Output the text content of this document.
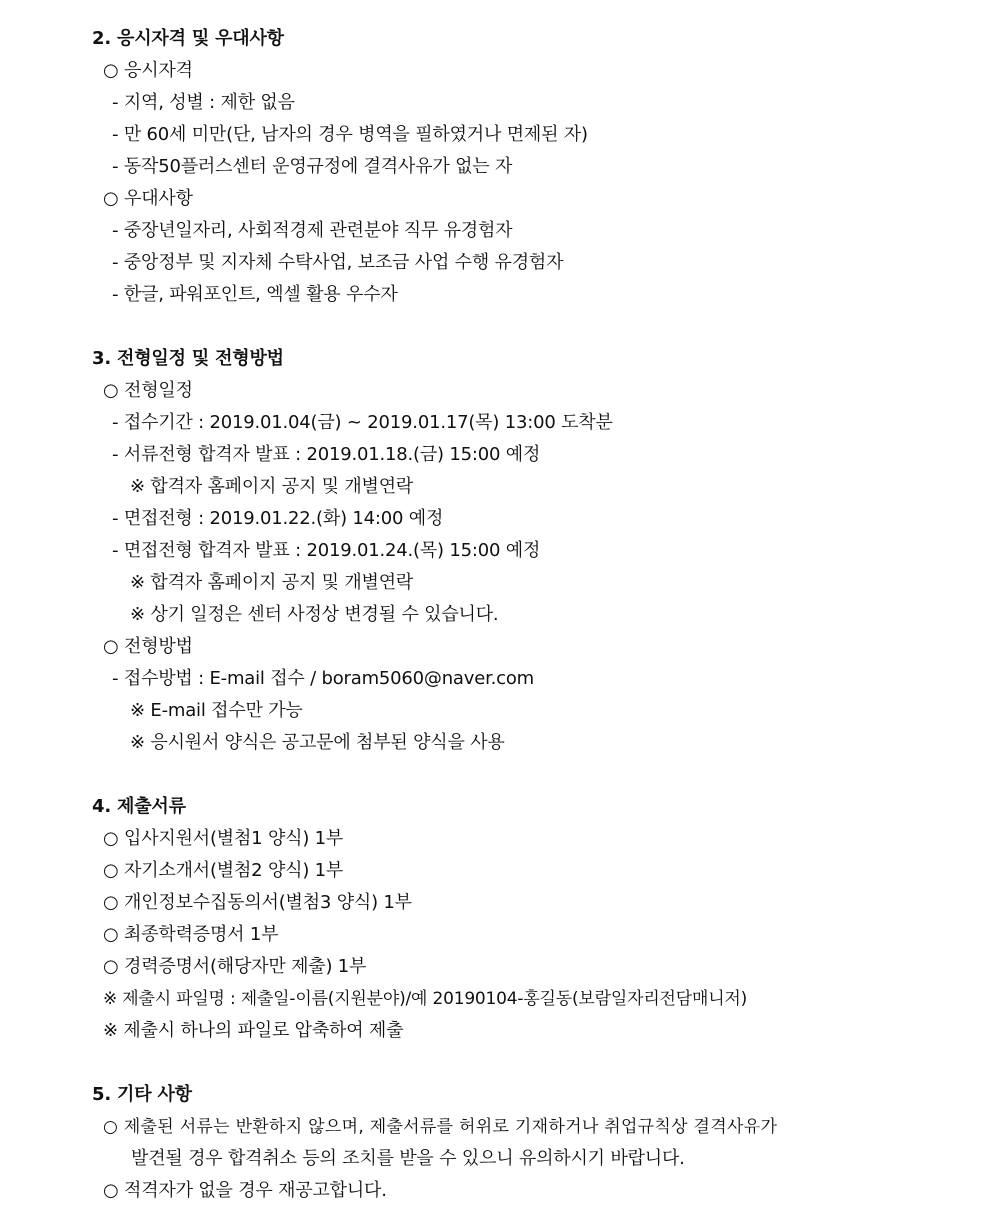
2. 응시자격 및 우대사항
○ 응시자격
- 지역, 성별 : 제한 없음
- 만 60세 미만(단, 남자의 경우 병역을 필하였거나 면제된 자)
- 동작50플러스센터 운영규정에 결격사유가 없는 자
○ 우대사항
- 중장년일자리, 사회적경제 관련분야 직무 유경험자
- 중앙정부 및 지자체 수탁사업, 보조금 사업 수행 유경험자
- 한글, 파워포인트, 엑셀 활용 우수자
3. 전형일정 및 전형방법
○ 전형일정
- 접수기간 : 2019.01.04(금) ~ 2019.01.17(목) 13:00 도착분
- 서류전형 합격자 발표 : 2019.01.18.(금) 15:00 예정
※ 합격자 홈페이지 공지 및 개별연락
- 면접전형 : 2019.01.22.(화) 14:00 예정
- 면접전형 합격자 발표 : 2019.01.24.(목) 15:00 예정
※ 합격자 홈페이지 공지 및 개별연락
※ 상기 일정은 센터 사정상 변경될 수 있습니다.
○ 전형방법
- 접수방법 : E-mail 접수 / boram5060@naver.com
※ E-mail 접수만 가능
※ 응시원서 양식은 공고문에 첨부된 양식을 사용
4. 제출서류
○ 입사지원서(별첨1 양식) 1부
○ 자기소개서(별첨2 양식) 1부
○ 개인정보수집동의서(별첨3 양식) 1부
○ 최종학력증명서 1부
○ 경력증명서(해당자만 제출) 1부
※ 제출시 파일명 : 제출일-이름(지원분야)/예 20190104-홍길동(보람일자리전담매니저)
※ 제출시 하나의 파일로 압축하여 제출
5. 기타 사항
○ 제출된 서류는 반환하지 않으며, 제출서류를 허위로 기재하거나 취업규칙상 결격사유가
발견될 경우 합격취소 등의 조치를 받을 수 있으니 유의하시기 바랍니다.
○ 적격자가 없을 경우 재공고합니다.
